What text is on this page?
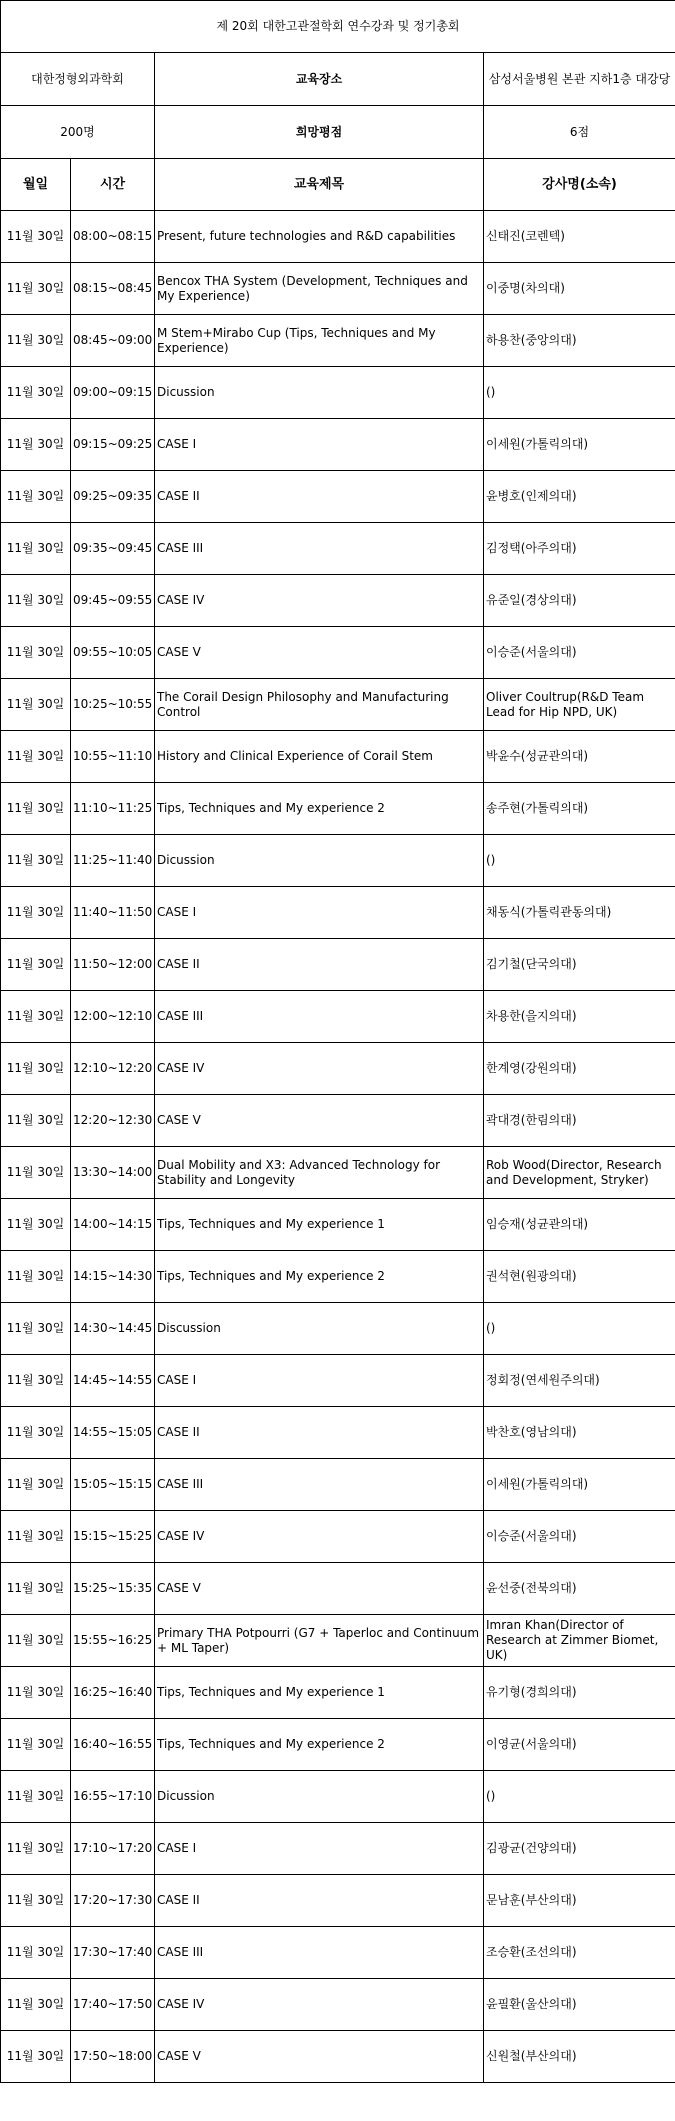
제 20회 대한고관절학회 연수강좌 및 정기총회			
대한정형외과학회		교육장소	삼성서울병원 본관 지하1층 대강당
200명		희망평점	6점
월일	시간	교육제목	강사명(소속)
11월 30일	08:00~08:15	Present, future technologies and R&D capabilities	신태진(코렌텍)
11월 30일	08:15~08:45	Bencox THA System (Development, Techniques and My Experience)	이중명(차의대)
11월 30일	08:45~09:00	M Stem+Mirabo Cup (Tips, Techniques and My Experience)	하용찬(중앙의대)
11월 30일	09:00~09:15	Dicussion	()
11월 30일	09:15~09:25	CASE I	이세원(가톨릭의대)
11월 30일	09:25~09:35	CASE II	윤병호(인제의대)
11월 30일	09:35~09:45	CASE III	김정택(아주의대)
11월 30일	09:45~09:55	CASE IV	유준일(경상의대)
11월 30일	09:55~10:05	CASE V	이승준(서울의대)
11월 30일	10:25~10:55	The Corail Design Philosophy and Manufacturing Control	Oliver Coultrup(R&D Team Lead for Hip NPD, UK)
11월 30일	10:55~11:10	History and Clinical Experience of Corail Stem	박윤수(성균관의대)
11월 30일	11:10~11:25	Tips, Techniques and My experience 2	송주현(가톨릭의대)
11월 30일	11:25~11:40	Dicussion	()
11월 30일	11:40~11:50	CASE I	채동식(가톨릭관동의대)
11월 30일	11:50~12:00	CASE II	김기철(단국의대)
11월 30일	12:00~12:10	CASE III	차용한(을지의대)
11월 30일	12:10~12:20	CASE IV	한계영(강원의대)
11월 30일	12:20~12:30	CASE V	곽대경(한림의대)
11월 30일	13:30~14:00	Dual Mobility and X3: Advanced Technology for Stability and Longevity	Rob Wood(Director, Research and Development, Stryker)
11월 30일	14:00~14:15	Tips, Techniques and My experience 1	임승재(성균관의대)
11월 30일	14:15~14:30	Tips, Techniques and My experience 2	권석현(원광의대)
11월 30일	14:30~14:45	Discussion	()
11월 30일	14:45~14:55	CASE I	정회정(연세원주의대)
11월 30일	14:55~15:05	CASE II	박찬호(영남의대)
11월 30일	15:05~15:15	CASE III	이세원(가톨릭의대)
11월 30일	15:15~15:25	CASE IV	이승준(서울의대)
11월 30일	15:25~15:35	CASE V	윤선중(전북의대)
11월 30일	15:55~16:25	Primary THA Potpourri (G7 + Taperloc and Continuum + ML Taper)	Imran Khan(Director of Research at Zimmer Biomet, UK)
11월 30일	16:25~16:40	Tips, Techniques and My experience 1	유기형(경희의대)
11월 30일	16:40~16:55	Tips, Techniques and My experience 2	이영균(서울의대)
11월 30일	16:55~17:10	Dicussion	()
11월 30일	17:10~17:20	CASE I	김광균(건양의대)
11월 30일	17:20~17:30	CASE II	문남훈(부산의대)
11월 30일	17:30~17:40	CASE III	조승환(조선의대)
11월 30일	17:40~17:50	CASE IV	윤필환(울산의대)
11월 30일	17:50~18:00	CASE V	신원철(부산의대)
